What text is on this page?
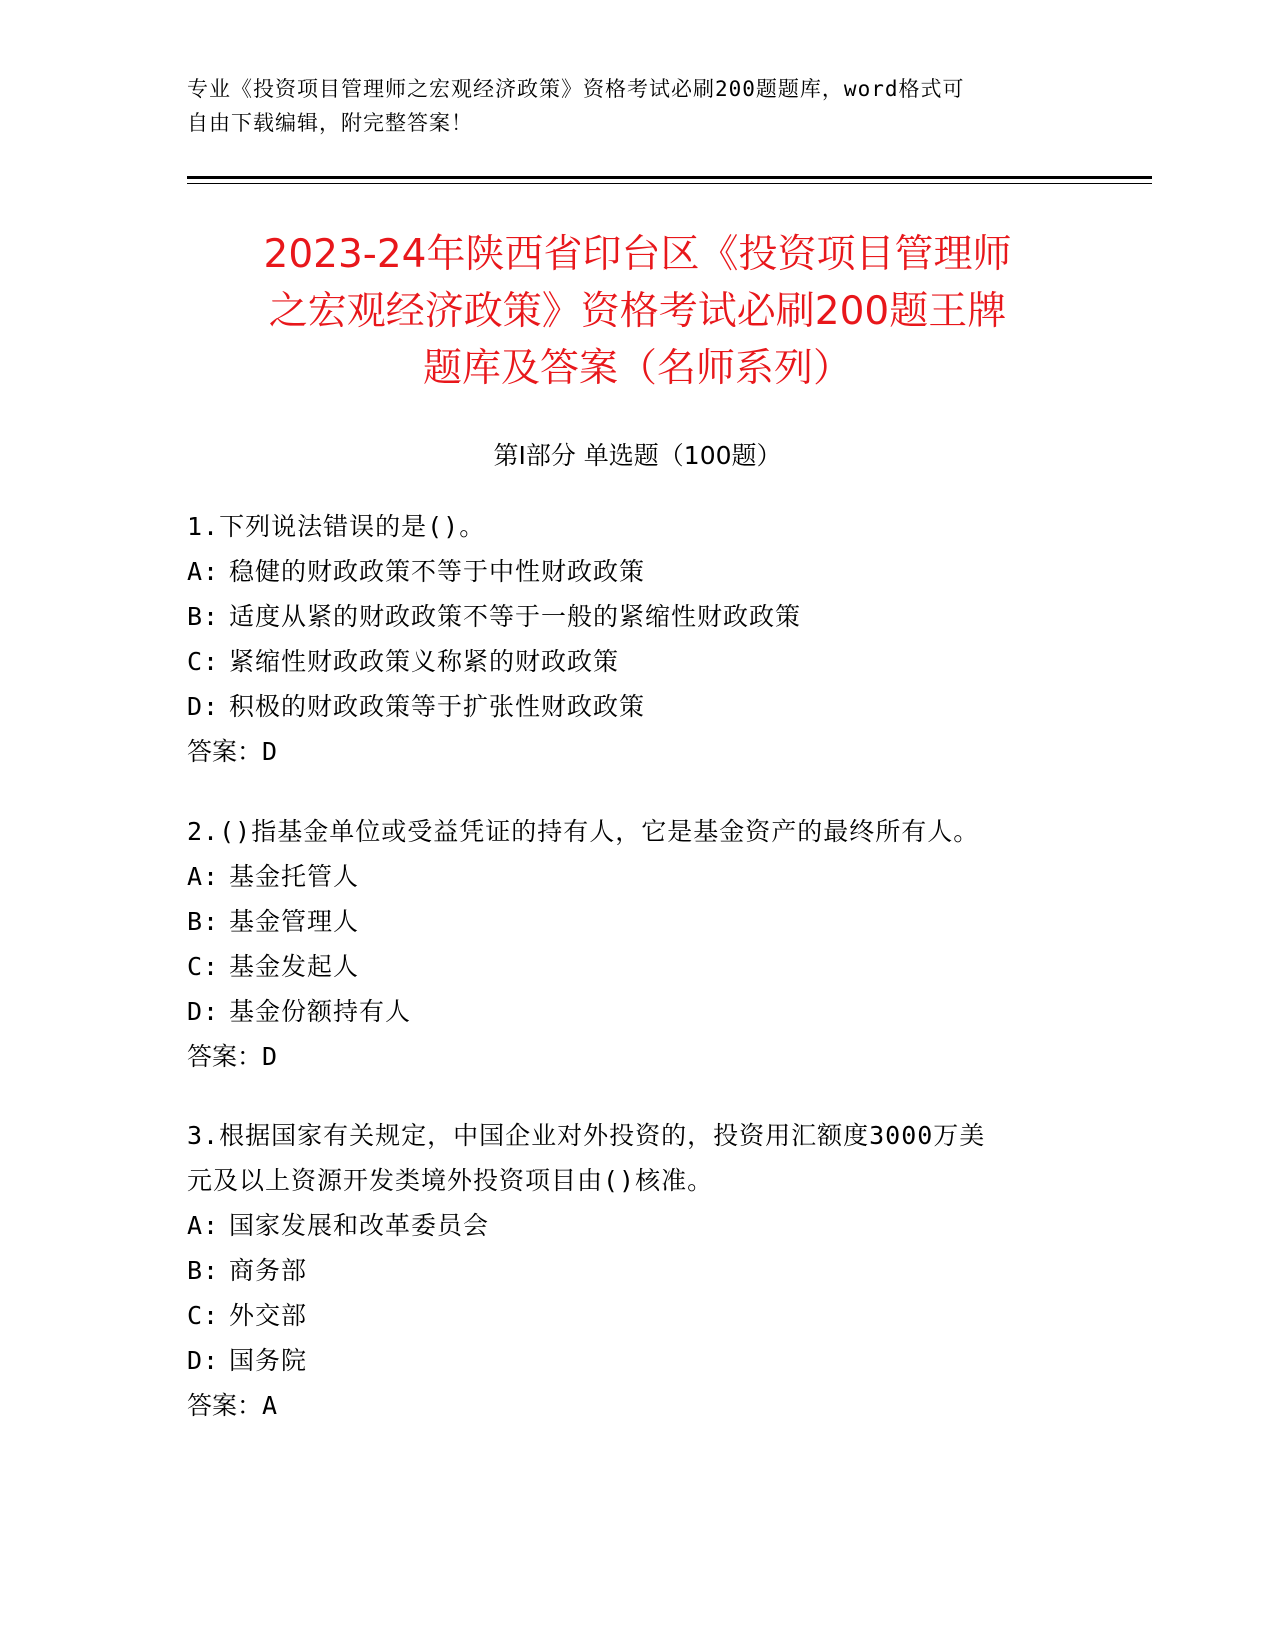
专业《投资项目管理师之宏观经济政策》资格考试必刷200题题库，word格式可
自由下载编辑，附完整答案！
2023-24年陕西省印台区《投资项目管理师
之宏观经济政策》资格考试必刷200题王牌
题库及答案（名师系列）
第Ⅰ部分 单选题（100题）
1.下列说法错误的是()。
A: 稳健的财政政策不等于中性财政政策
B: 适度从紧的财政政策不等于一般的紧缩性财政政策
C: 紧缩性财政政策义称紧的财政政策
D: 积极的财政政策等于扩张性财政政策
答案：D
2.()指基金单位或受益凭证的持有人，它是基金资产的最终所有人。
A: 基金托管人
B: 基金管理人
C: 基金发起人
D: 基金份额持有人
答案：D
3.根据国家有关规定，中国企业对外投资的，投资用汇额度3000万美
元及以上资源开发类境外投资项目由()核准。
A: 国家发展和改革委员会
B: 商务部
C: 外交部
D: 国务院
答案：A
